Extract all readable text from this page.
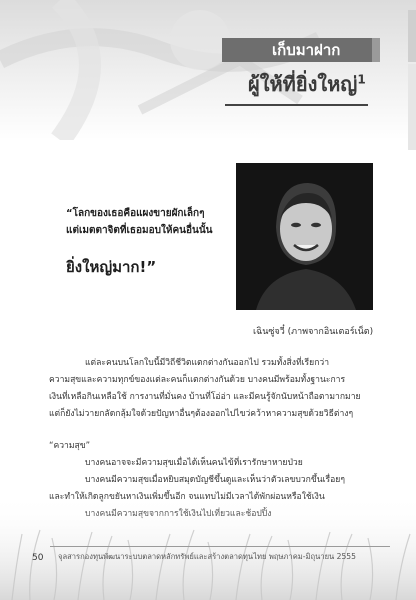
เก็บมาฝาก
ผู้ให้ที่ยิ่งใหญ่$^1$
“โลกของเธอคือแผงขายผักเล็กๆ
แต่เมตตาจิตที่เธอมอบให้คนอื่นนั้น
ยิ่งใหญ่มาก!”
เฉินซู่จวี๋ (ภาพจากอินเตอร์เน็ต)

แต่ละคนบนโลกใบนี้มีวิถีชีวิตแตกต่างกันออกไป รวมทั้งสิ่งที่เรียกว่า

ความสุขและความทุกข์ของแต่ละคนก็แตกต่างกันด้วย บางคนมีพร้อมทั้งฐานะการ

เงินที่เหลือกินเหลือใช้ การงานที่มั่นคง บ้านที่โอ่อ่า และมีคนรู้จักนับหน้าถือตามากมาย

แต่ก็ยังไม่วายกลัดกลุ้มใจด้วยปัญหาอื่นๆต้องออกไปไขว่คว้าหาความสุขด้วยวิธีต่างๆ

“ความสุข”

บางคนอาจจะมีความสุขเมื่อได้เห็นคนไข้ที่เรารักษาหายป่วย

บางคนมีความสุขเมื่อหยิบสมุดบัญชีขึ้นดูและเห็นว่าตัวเลขบวกขึ้นเรื่อยๆ

50 จุลสารกองทุนพัฒนาระบบตลาดหลักทรัพย์และสร้างตลาดทุนไทย พฤษภาคม-มิถุนายน 2555
